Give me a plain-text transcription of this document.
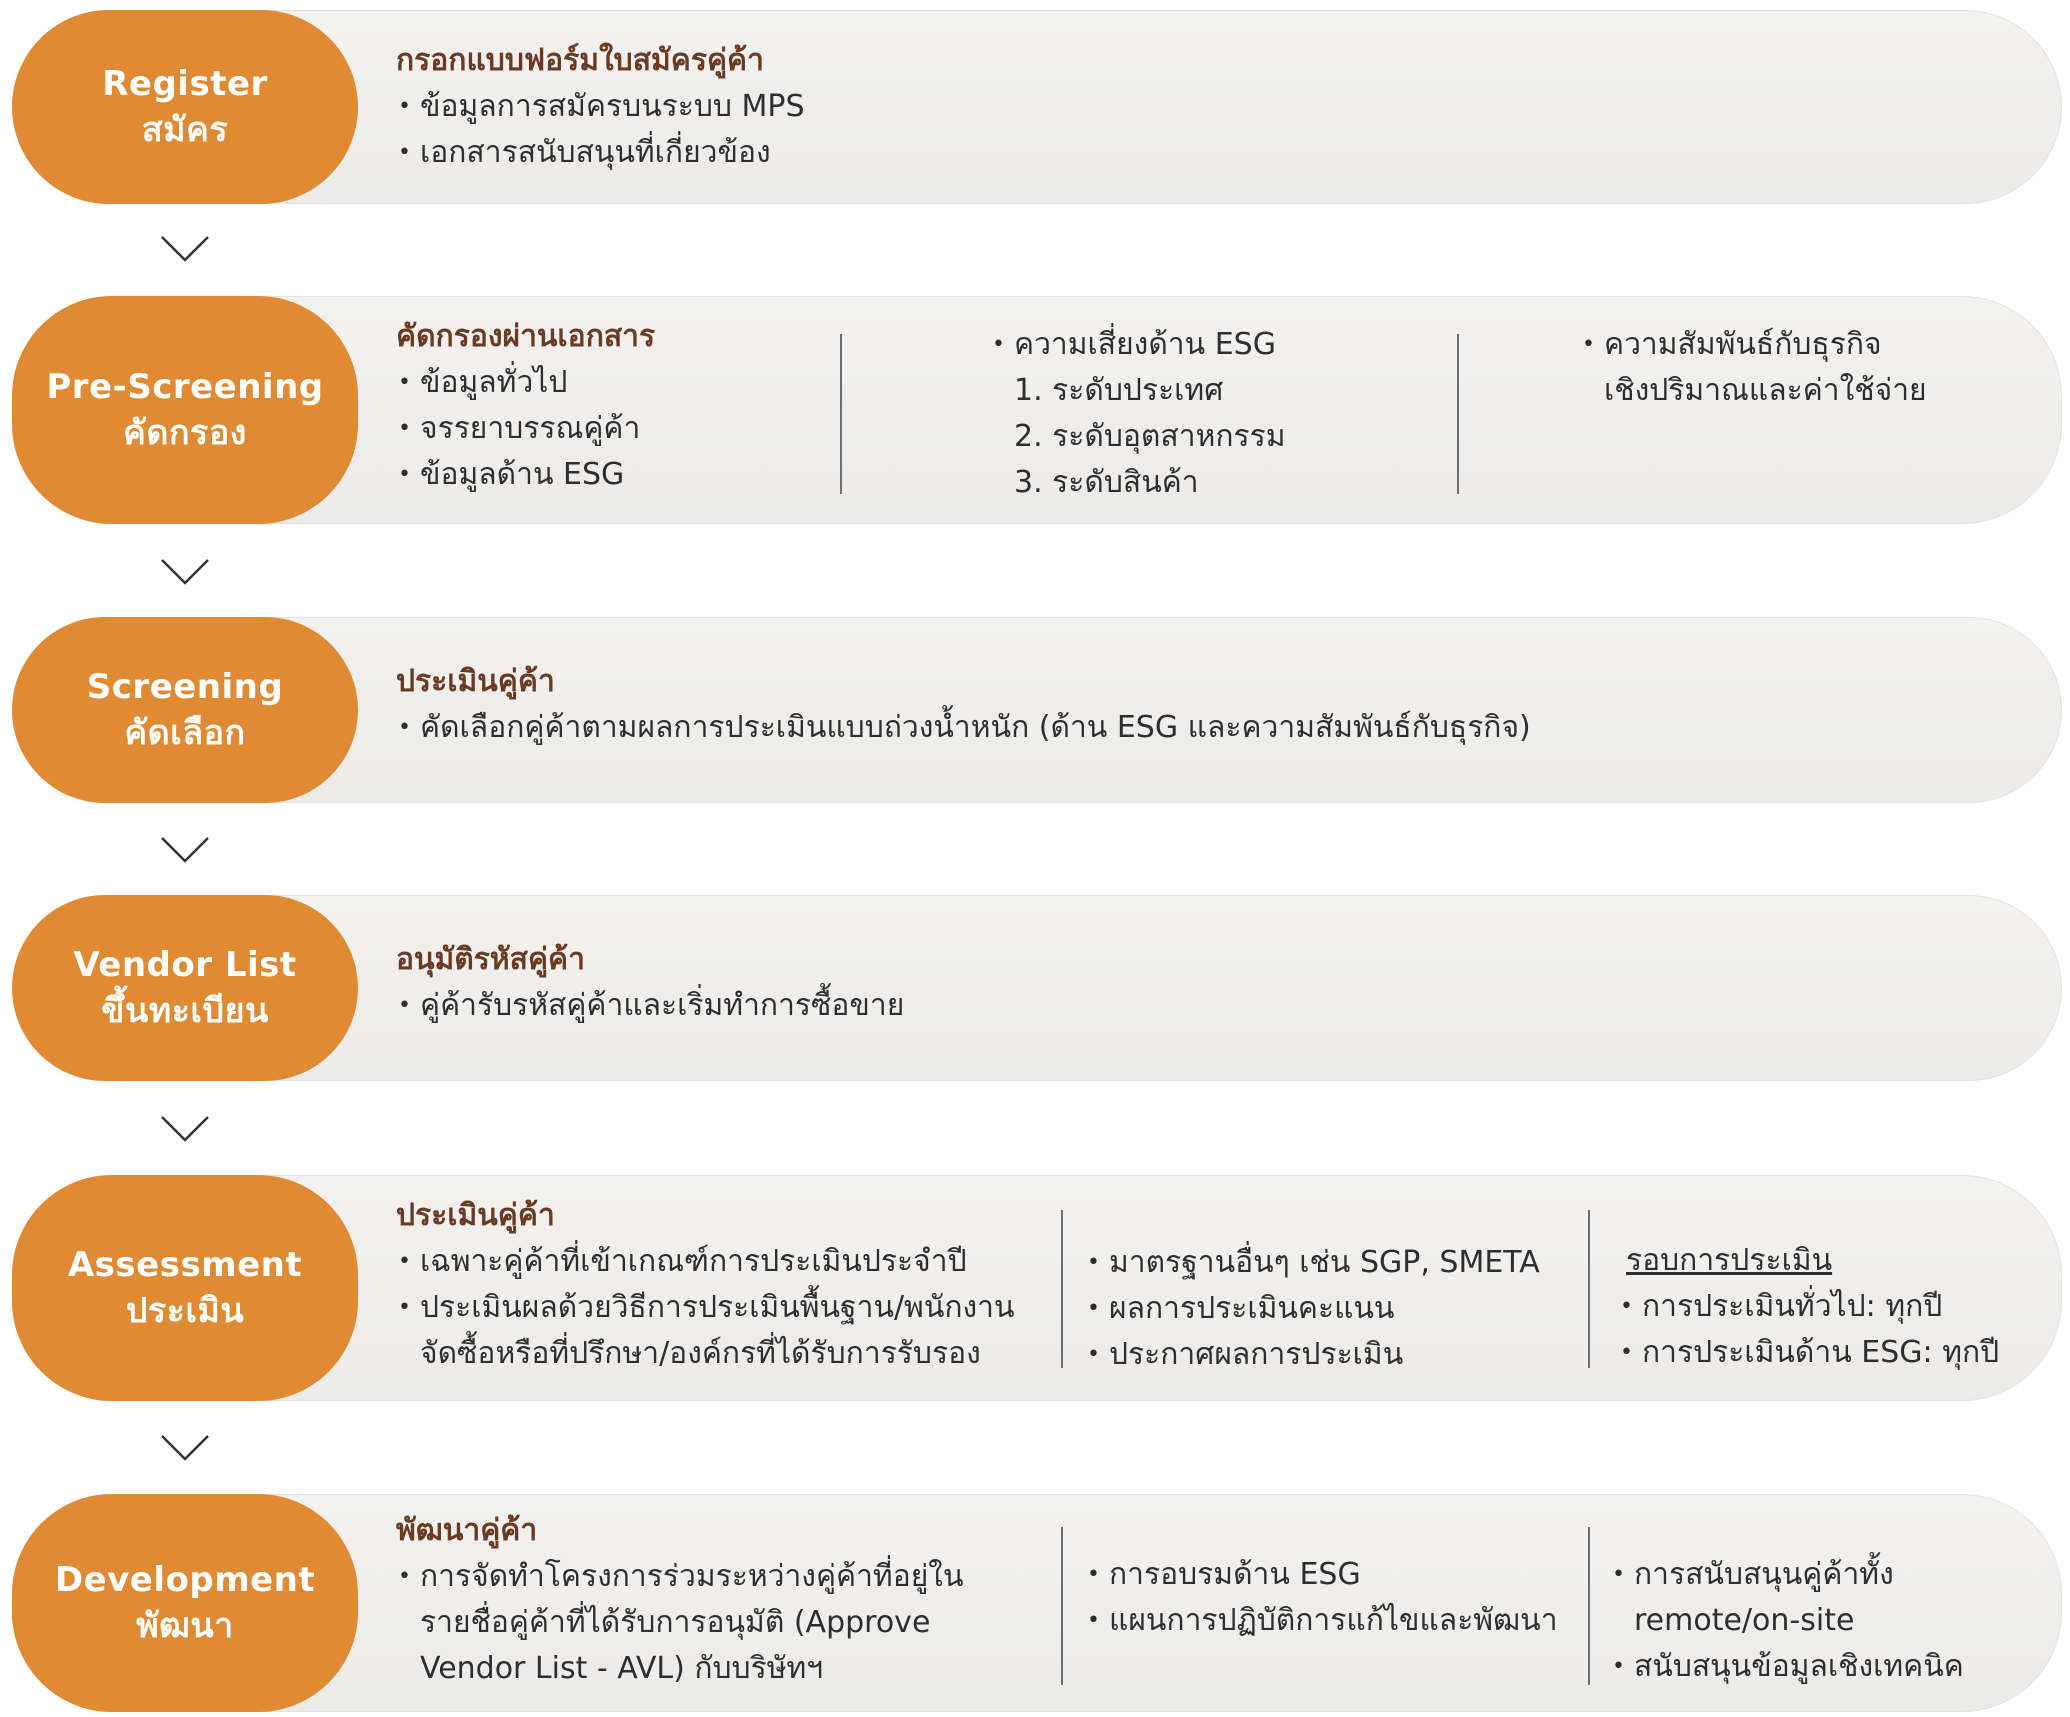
Register
สมัคร
กรอกแบบฟอร์มใบสมัครคู่ค้า
• ข้อมูลการสมัครบนระบบ MPS
• เอกสารสนับสนุนที่เกี่ยวข้อง
Pre-Screening
คัดกรอง
คัดกรองผ่านเอกสาร
• ข้อมูลทั่วไป
• จรรยาบรรณคู่ค้า
• ข้อมูลด้าน ESG
• ความเสี่ยงด้าน ESG
1. ระดับประเทศ
2. ระดับอุตสาหกรรม
3. ระดับสินค้า
• ความสัมพันธ์กับธุรกิจ
เชิงปริมาณและค่าใช้จ่าย
Screening
คัดเลือก
ประเมินคู่ค้า
• คัดเลือกคู่ค้าตามผลการประเมินแบบถ่วงน้ำหนัก (ด้าน ESG และความสัมพันธ์กับธุรกิจ)
Vendor List
ขึ้นทะเบียน
อนุมัติรหัสคู่ค้า
• คู่ค้ารับรหัสคู่ค้าและเริ่มทำการซื้อขาย
Assessment
ประเมิน
ประเมินคู่ค้า
• เฉพาะคู่ค้าที่เข้าเกณฑ์การประเมินประจำปี
• ประเมินผลด้วยวิธีการประเมินพื้นฐาน/พนักงาน
จัดซื้อหรือที่ปรึกษา/องค์กรที่ได้รับการรับรอง
• มาตรฐานอื่นๆ เช่น SGP, SMETA
• ผลการประเมินคะแนน
• ประกาศผลการประเมิน
รอบการประเมิน
• การประเมินทั่วไป: ทุกปี
• การประเมินด้าน ESG: ทุกปี
Development
พัฒนา
พัฒนาคู่ค้า
• การจัดทำโครงการร่วมระหว่างคู่ค้าที่อยู่ใน
รายชื่อคู่ค้าที่ได้รับการอนุมัติ (Approve
Vendor List - AVL) กับบริษัทฯ
• การอบรมด้าน ESG
• แผนการปฏิบัติการแก้ไขและพัฒนา
• การสนับสนุนคู่ค้าทั้ง
remote/on-site
• สนับสนุนข้อมูลเชิงเทคนิค
